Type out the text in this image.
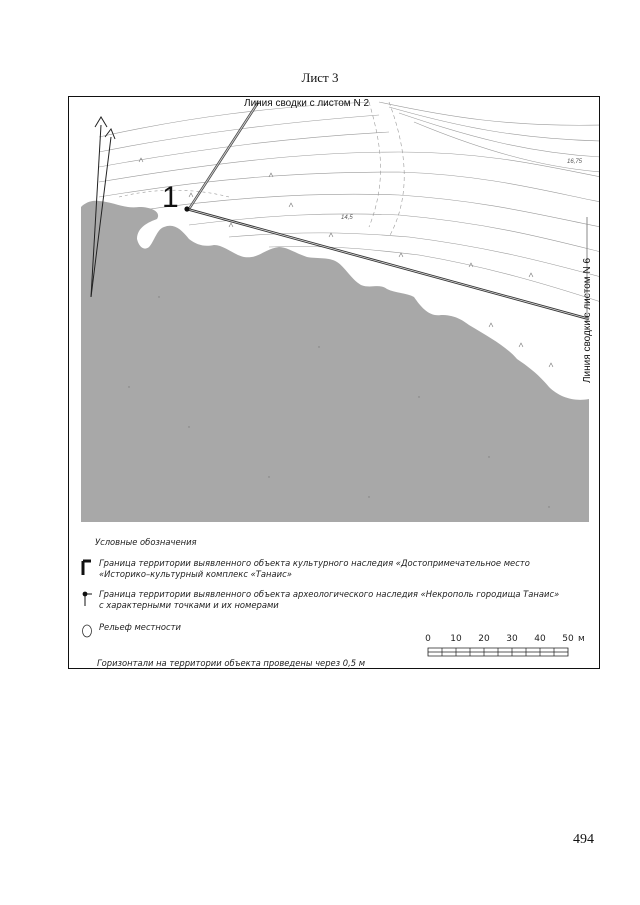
Лист 3
Линия сводки с листом N 2
Линия сводки с листом N 6
1
14,5
16,75
Условные обозначения
Граница территории выявленного объекта культурного наследия «Достопримечательное место
«Историко–культурный комплекс «Танаис»
Граница территории выявленного объекта археологического наследия «Некрополь городища Танаис»
с характерными точками и их номерами
Рельеф местности
Горизонтали на территории объекта проведены через 0,5 м
0 10 20 30 40 50 м
494
